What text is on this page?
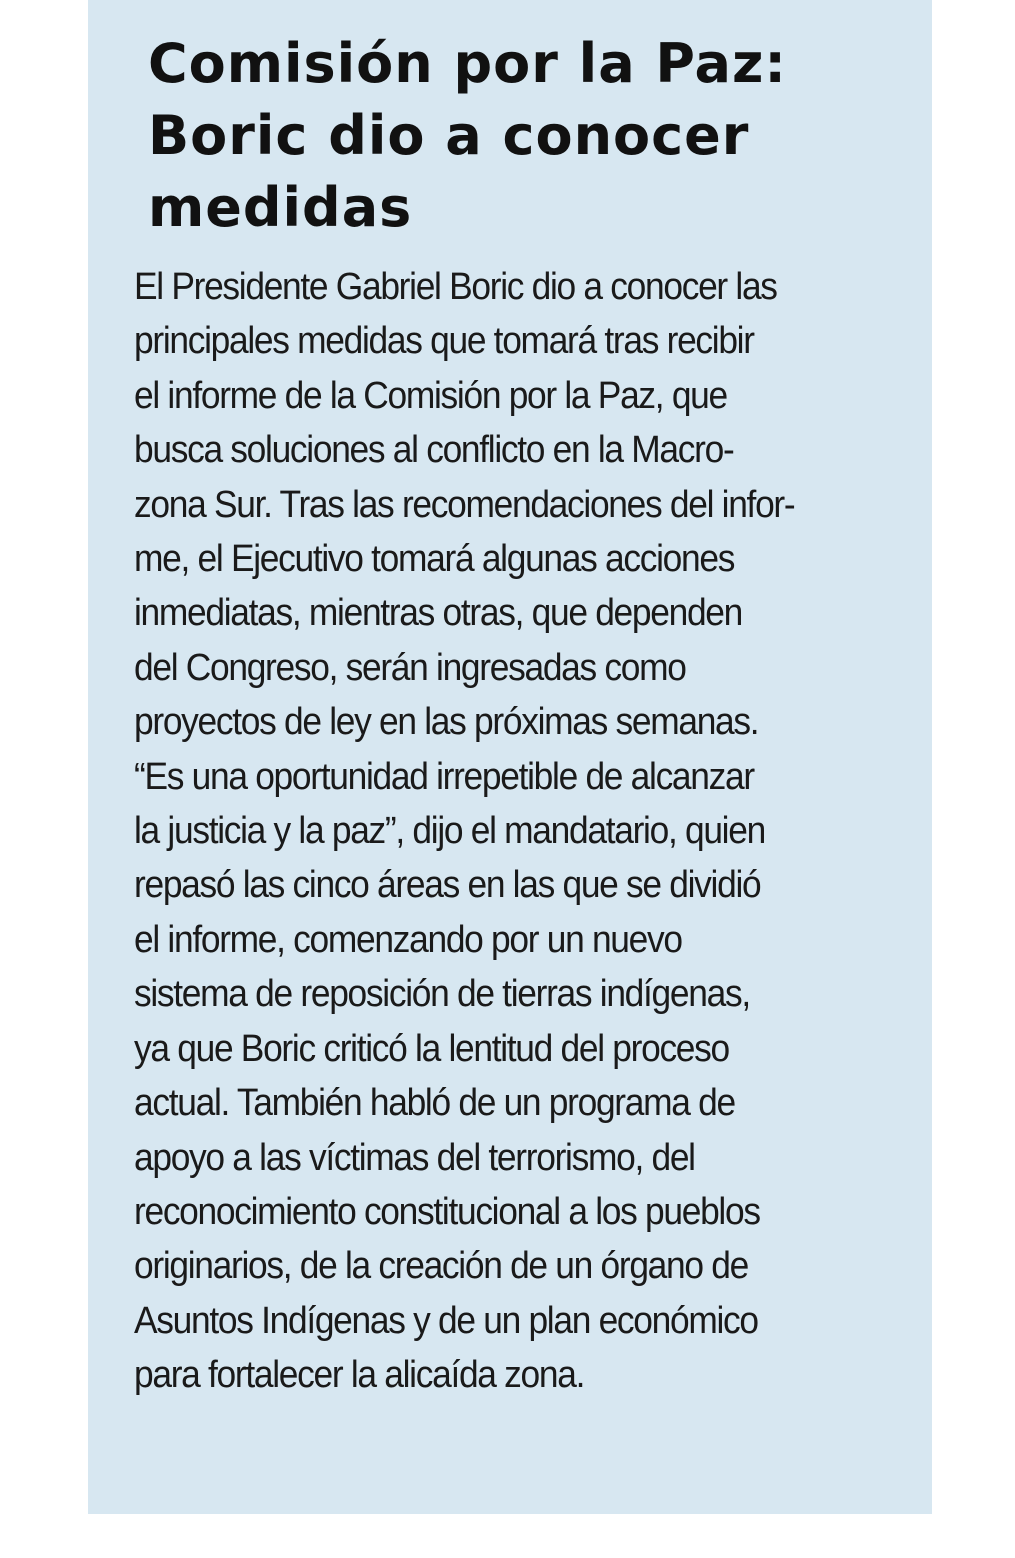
Comisión por la Paz:
Boric dio a conocer
medidas

El Presidente Gabriel Boric dio a conocer las
principales medidas que tomará tras recibir
el informe de la Comisión por la Paz, que
busca soluciones al conflicto en la Macro-
zona Sur. Tras las recomendaciones del infor-
me, el Ejecutivo tomará algunas acciones
inmediatas, mientras otras, que dependen
del Congreso, serán ingresadas como
proyectos de ley en las próximas semanas.
“Es una oportunidad irrepetible de alcanzar
la justicia y la paz”, dijo el mandatario, quien
repasó las cinco áreas en las que se dividió
el informe, comenzando por un nuevo
sistema de reposición de tierras indígenas,
ya que Boric criticó la lentitud del proceso
actual. También habló de un programa de
apoyo a las víctimas del terrorismo, del
reconocimiento constitucional a los pueblos
originarios, de la creación de un órgano de
Asuntos Indígenas y de un plan económico
para fortalecer la alicaída zona.
